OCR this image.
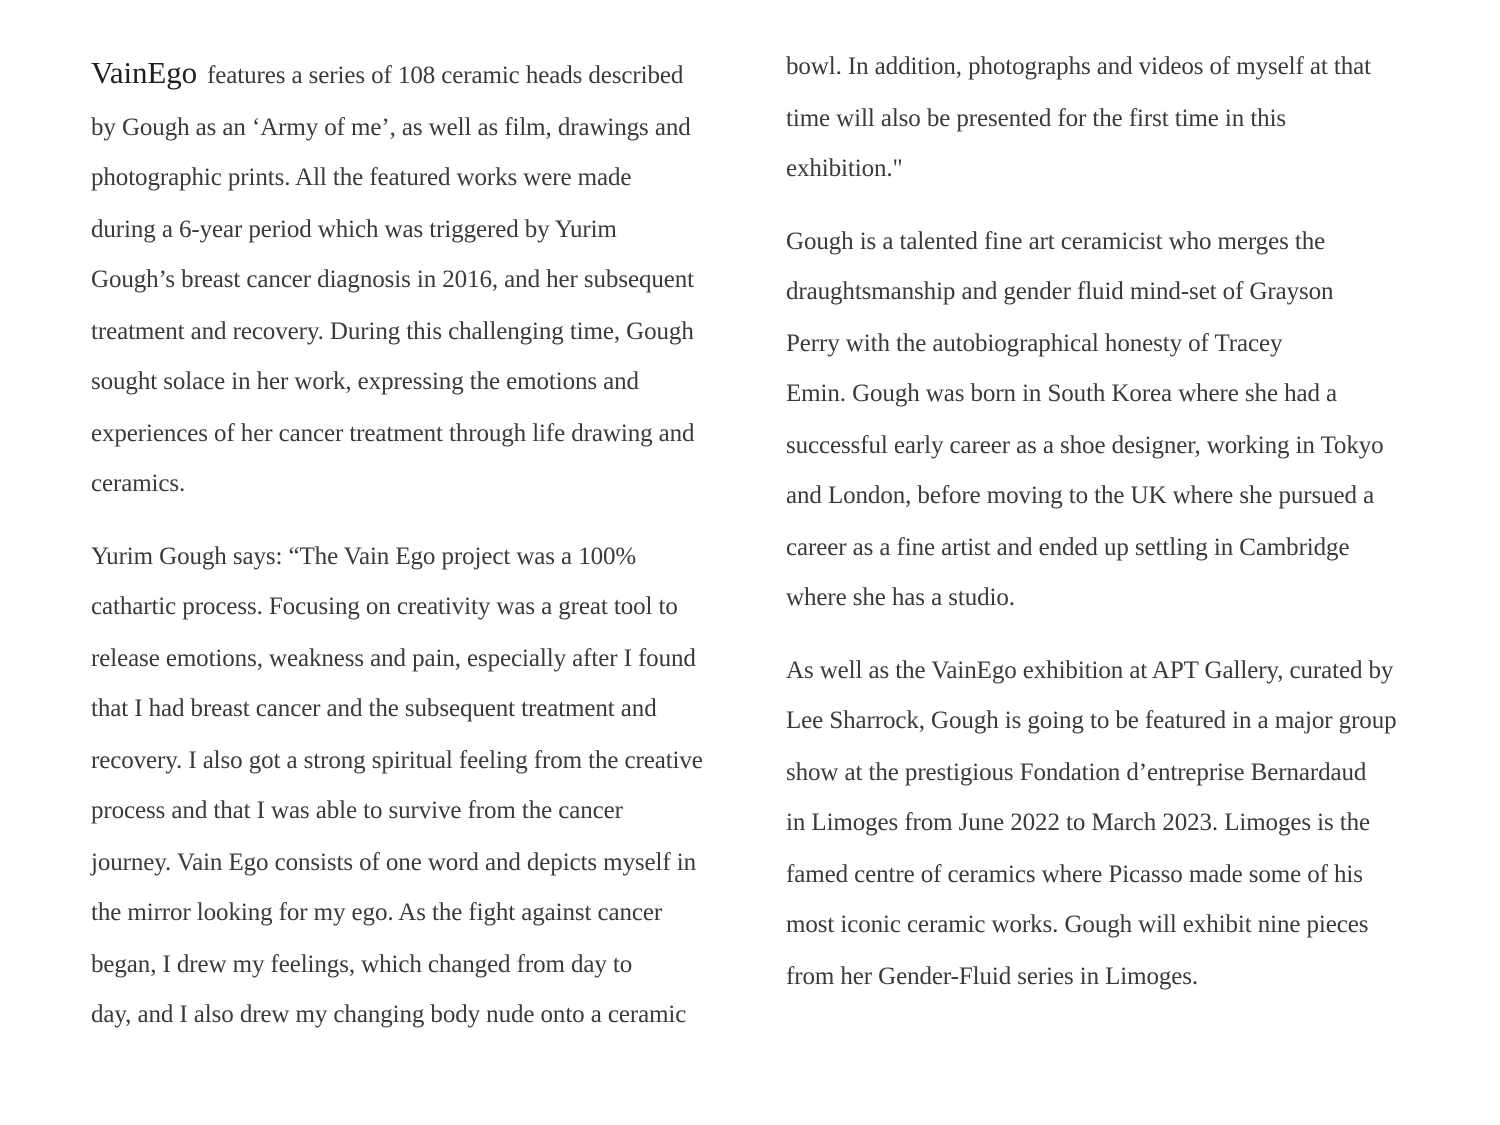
VainEgo features a series of 108 ceramic heads described
by Gough as an ‘Army of me’, as well as film, drawings and
photographic prints. All the featured works were made
during a 6-year period which was triggered by Yurim
Gough’s breast cancer diagnosis in 2016, and her subsequent
treatment and recovery. During this challenging time, Gough
sought solace in her work, expressing the emotions and
experiences of her cancer treatment through life drawing and
ceramics.
Yurim Gough says: “The Vain Ego project was a 100%
cathartic process. Focusing on creativity was a great tool to
release emotions, weakness and pain, especially after I found
that I had breast cancer and the subsequent treatment and
recovery. I also got a strong spiritual feeling from the creative
process and that I was able to survive from the cancer
journey. Vain Ego consists of one word and depicts myself in
the mirror looking for my ego. As the fight against cancer
began, I drew my feelings, which changed from day to
day, and I also drew my changing body nude onto a ceramic
bowl. In addition, photographs and videos of myself at that
time will also be presented for the first time in this
exhibition."
Gough is a talented fine art ceramicist who merges the
draughtsmanship and gender fluid mind-set of Grayson
Perry with the autobiographical honesty of Tracey
Emin. Gough was born in South Korea where she had a
successful early career as a shoe designer, working in Tokyo
and London, before moving to the UK where she pursued a
career as a fine artist and ended up settling in Cambridge
where she has a studio.
As well as the VainEgo exhibition at APT Gallery, curated by
Lee Sharrock, Gough is going to be featured in a major group
show at the prestigious Fondation d’entreprise Bernardaud
in Limoges from June 2022 to March 2023. Limoges is the
famed centre of ceramics where Picasso made some of his
most iconic ceramic works. Gough will exhibit nine pieces
from her Gender-Fluid series in Limoges.
